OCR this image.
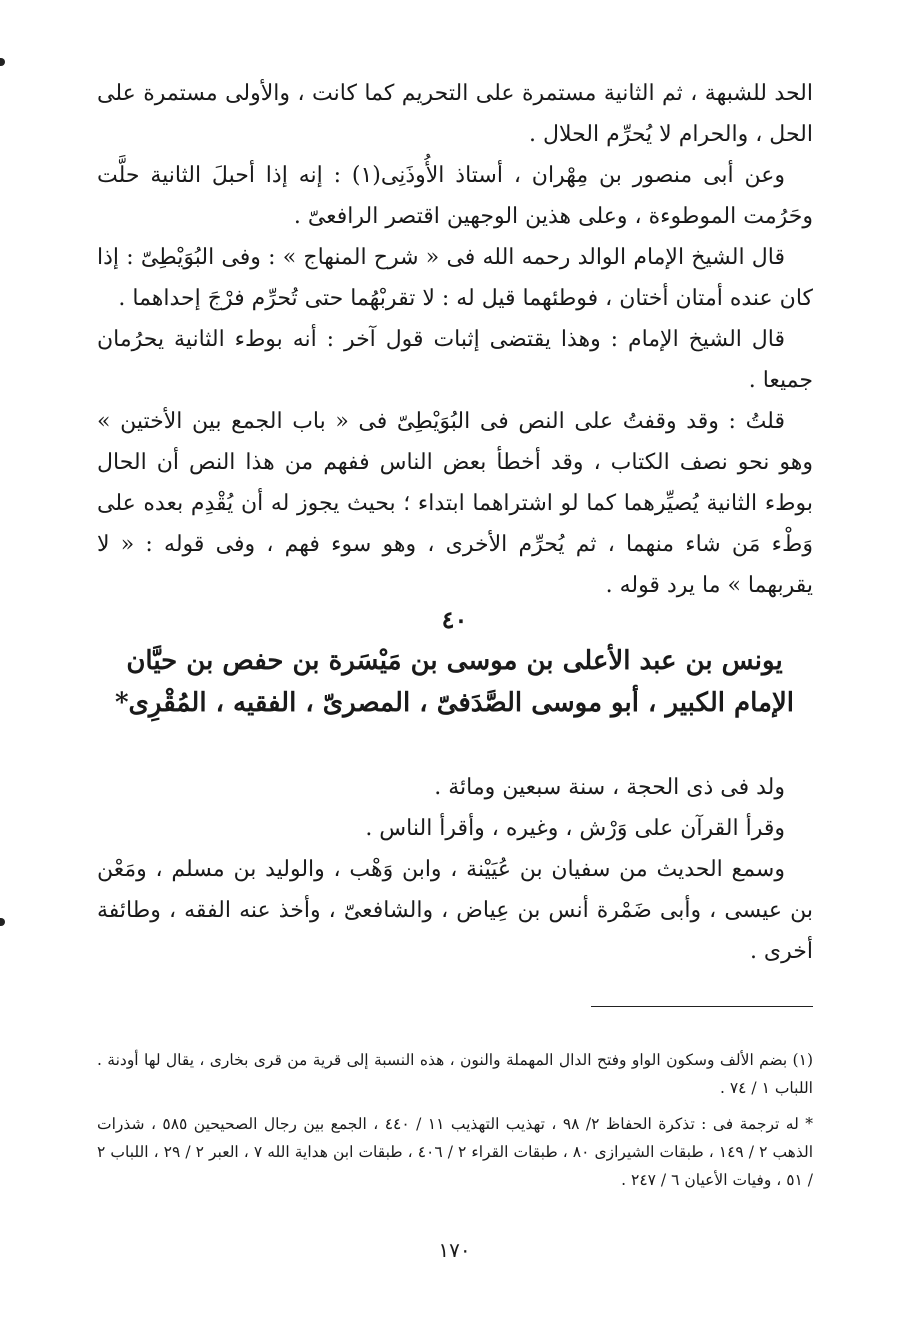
الحد للشبهة ، ثم الثانية مستمرة على التحريم كما كانت ، والأولى مستمرة على الحل ، والحرام لا يُحرِّم الحلال .

وعن أبى منصور بن مِهْران ، أستاذ الأُوذَنِى(١) : إنه إذا أحبلَ الثانية حلَّت وحَرُمت الموطوءة ، وعلى هذين الوجهين اقتصر الرافعىّ .

قال الشيخ الإمام الوالد رحمه الله فى « شرح المنهاج » : وفى البُوَيْطِىّ : إذا كان عنده أمتان أختان ، فوطئهما قيل له : لا تقربْهُما حتى تُحرِّم فرْجَ إحداهما .

قال الشيخ الإمام : وهذا يقتضى إثبات قول آخر : أنه بوطء الثانية يحرُمان جميعا .

قلتُ : وقد وقفتُ على النص فى البُوَيْطِىّ فى « باب الجمع بين الأختين » وهو نحو نصف الكتاب ، وقد أخطأ بعض الناس ففهم من هذا النص أن الحال بوطء الثانية يُصيِّرهما كما لو اشتراهما ابتداء ؛ بحيث يجوز له أن يُقْدِم بعده على وَطْء مَن شاء منهما ، ثم يُحرِّم الأخرى ، وهو سوء فهم ، وفى قوله : « لا يقربهما » ما يرد قوله .

٤٠
يونس بن عبد الأعلى بن موسى بن مَيْسَرة بن حفص بن حيَّان
الإمام الكبير ، أبو موسى الصَّدَفىّ ، المصرىّ ، الفقيه ، المُقْرِى*

ولد فى ذى الحجة ، سنة سبعين ومائة .

وقرأ القرآن على وَرْش ، وغيره ، وأقرأ الناس .

وسمع الحديث من سفيان بن عُيَيْنة ، وابن وَهْب ، والوليد بن مسلم ، ومَعْن بن عيسى ، وأبى ضَمْرة أنس بن عِياض ، والشافعىّ ، وأخذ عنه الفقه ، وطائفة أخرى .

(١) بضم الألف وسكون الواو وفتح الدال المهملة والنون ، هذه النسبة إلى قرية من قرى بخارى ، يقال لها أودنة . اللباب ١ / ٧٤ .

* له ترجمة فى : تذكرة الحفاظ ٢/ ٩٨ ، تهذيب التهذيب ١١ / ٤٤٠ ، الجمع بين رجال الصحيحين ٥٨٥ ، شذرات الذهب ٢ / ١٤٩ ، طبقات الشيرازى ٨٠ ، طبقات القراء ٢ / ٤٠٦ ، طبقات ابن هداية الله ٧ ، العبر ٢ / ٢٩ ، اللباب ٢ / ٥١ ، وفيات الأعيان ٦ / ٢٤٧ .

١٧٠
